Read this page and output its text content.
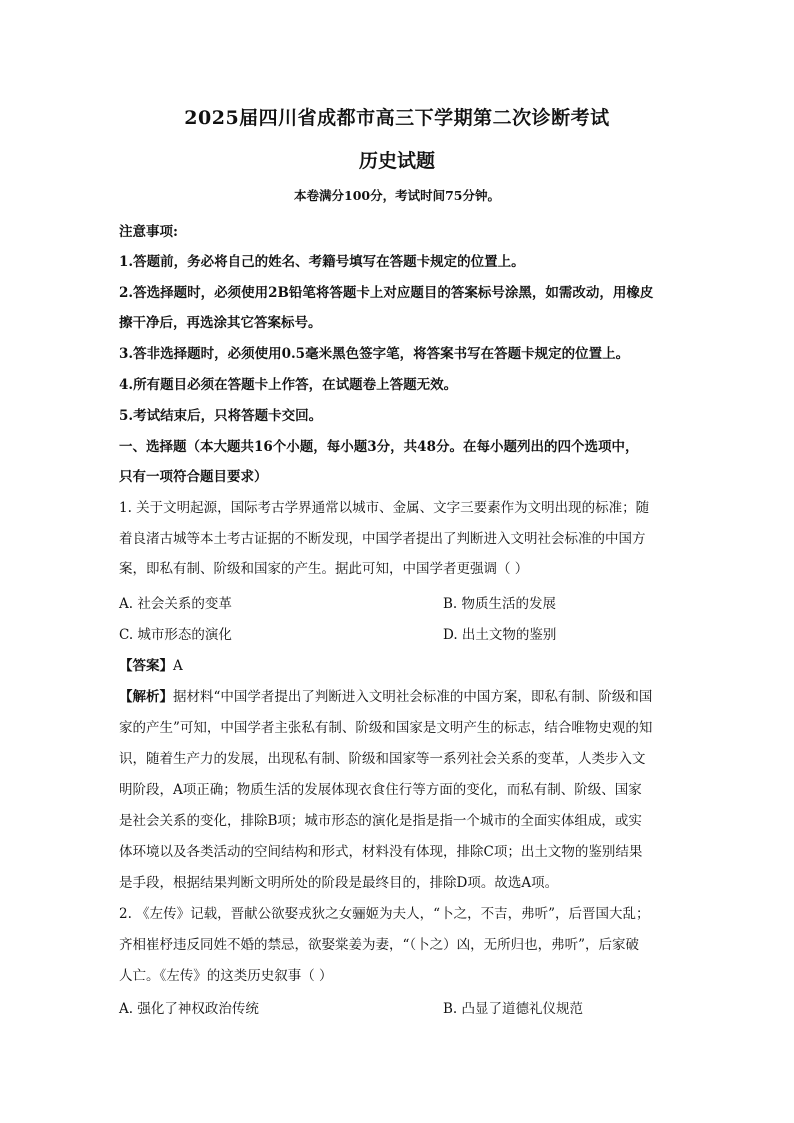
2025届四川省成都市高三下学期第二次诊断考试
历史试题
本卷满分100分，考试时间75分钟。
注意事项:
1.答题前，务必将自己的姓名、考籍号填写在答题卡规定的位置上。
2.答选择题时，必须使用2B铅笔将答题卡上对应题目的答案标号涂黑，如需改动，用橡皮
擦干净后，再选涂其它答案标号。
3.答非选择题时，必须使用0.5毫米黑色签字笔，将答案书写在答题卡规定的位置上。
4.所有题目必须在答题卡上作答，在试题卷上答题无效。
5.考试结束后，只将答题卡交回。
一、选择题（本大题共16个小题，每小题3分，共48分。在每小题列出的四个选项中，
只有一项符合题目要求）
1. 关于文明起源，国际考古学界通常以城市、金属、文字三要素作为文明出现的标准；随
着良渚古城等本土考古证据的不断发现，中国学者提出了判断进入文明社会标准的中国方
案，即私有制、阶级和国家的产生。据此可知，中国学者更强调（ ）
A. 社会关系的变革	B. 物质生活的发展
C. 城市形态的演化	D. 出土文物的鉴别
【答案】A
【解析】据材料“中国学者提出了判断进入文明社会标准的中国方案，即私有制、阶级和国
家的产生”可知，中国学者主张私有制、阶级和国家是文明产生的标志，结合唯物史观的知
识，随着生产力的发展，出现私有制、阶级和国家等一系列社会关系的变革，人类步入文
明阶段，A项正确；物质生活的发展体现衣食住行等方面的变化，而私有制、阶级、国家
是社会关系的变化，排除B项；城市形态的演化是指是指一个城市的全面实体组成，或实
体环境以及各类活动的空间结构和形式，材料没有体现，排除C项；出土文物的鉴别结果
是手段，根据结果判断文明所处的阶段是最终目的，排除D项。故选A项。
2. 《左传》记载，晋献公欲娶戎狄之女骊姬为夫人，“卜之，不吉，弗听”，后晋国大乱；
齐相崔杼违反同姓不婚的禁忌，欲娶棠姜为妻，“（卜之）凶，无所归也，弗听”，后家破
人亡。《左传》的这类历史叙事（ ）
A. 强化了神权政治传统	B. 凸显了道德礼仪规范
